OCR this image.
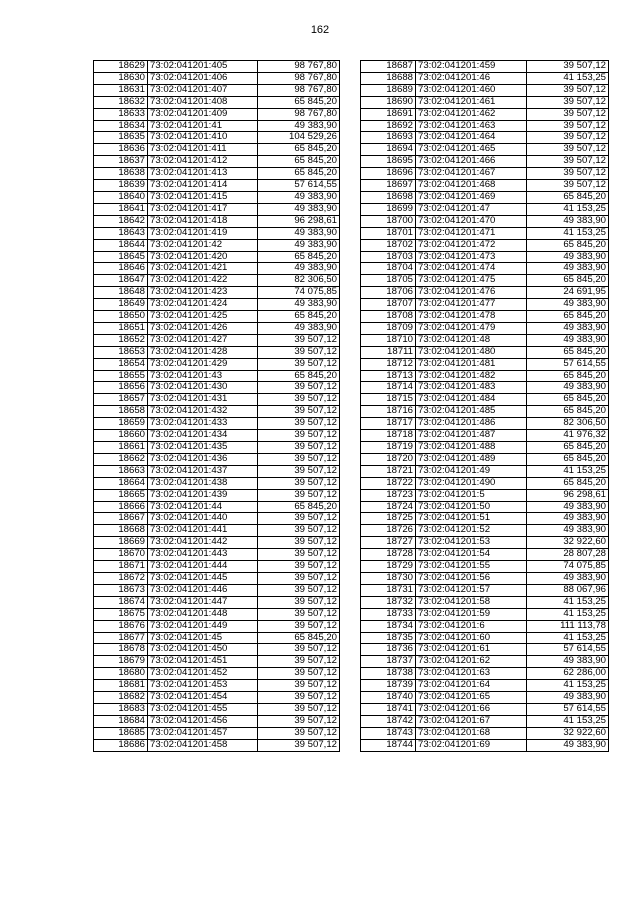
162
18629	73:02:041201:405	98 767,80
18630	73:02:041201:406	98 767,80
18631	73:02:041201:407	98 767,80
18632	73:02:041201:408	65 845,20
18633	73:02:041201:409	98 767,80
18634	73:02:041201:41	49 383,90
18635	73:02:041201:410	104 529,26
18636	73:02:041201:411	65 845,20
18637	73:02:041201:412	65 845,20
18638	73:02:041201:413	65 845,20
18639	73:02:041201:414	57 614,55
18640	73:02:041201:415	49 383,90
18641	73:02:041201:417	49 383,90
18642	73:02:041201:418	96 298,61
18643	73:02:041201:419	49 383,90
18644	73:02:041201:42	49 383,90
18645	73:02:041201:420	65 845,20
18646	73:02:041201:421	49 383,90
18647	73:02:041201:422	82 306,50
18648	73:02:041201:423	74 075,85
18649	73:02:041201:424	49 383,90
18650	73:02:041201:425	65 845,20
18651	73:02:041201:426	49 383,90
18652	73:02:041201:427	39 507,12
18653	73:02:041201:428	39 507,12
18654	73:02:041201:429	39 507,12
18655	73:02:041201:43	65 845,20
18656	73:02:041201:430	39 507,12
18657	73:02:041201:431	39 507,12
18658	73:02:041201:432	39 507,12
18659	73:02:041201:433	39 507,12
18660	73:02:041201:434	39 507,12
18661	73:02:041201:435	39 507,12
18662	73:02:041201:436	39 507,12
18663	73:02:041201:437	39 507,12
18664	73:02:041201:438	39 507,12
18665	73:02:041201:439	39 507,12
18666	73:02:041201:44	65 845,20
18667	73:02:041201:440	39 507,12
18668	73:02:041201:441	39 507,12
18669	73:02:041201:442	39 507,12
18670	73:02:041201:443	39 507,12
18671	73:02:041201:444	39 507,12
18672	73:02:041201:445	39 507,12
18673	73:02:041201:446	39 507,12
18674	73:02:041201:447	39 507,12
18675	73:02:041201:448	39 507,12
18676	73:02:041201:449	39 507,12
18677	73:02:041201:45	65 845,20
18678	73:02:041201:450	39 507,12
18679	73:02:041201:451	39 507,12
18680	73:02:041201:452	39 507,12
18681	73:02:041201:453	39 507,12
18682	73:02:041201:454	39 507,12
18683	73:02:041201:455	39 507,12
18684	73:02:041201:456	39 507,12
18685	73:02:041201:457	39 507,12
18686	73:02:041201:458	39 507,12
18687	73:02:041201:459	39 507,12
18688	73:02:041201:46	41 153,25
18689	73:02:041201:460	39 507,12
18690	73:02:041201:461	39 507,12
18691	73:02:041201:462	39 507,12
18692	73:02:041201:463	39 507,12
18693	73:02:041201:464	39 507,12
18694	73:02:041201:465	39 507,12
18695	73:02:041201:466	39 507,12
18696	73:02:041201:467	39 507,12
18697	73:02:041201:468	39 507,12
18698	73:02:041201:469	65 845,20
18699	73:02:041201:47	41 153,25
18700	73:02:041201:470	49 383,90
18701	73:02:041201:471	41 153,25
18702	73:02:041201:472	65 845,20
18703	73:02:041201:473	49 383,90
18704	73:02:041201:474	49 383,90
18705	73:02:041201:475	65 845,20
18706	73:02:041201:476	24 691,95
18707	73:02:041201:477	49 383,90
18708	73:02:041201:478	65 845,20
18709	73:02:041201:479	49 383,90
18710	73:02:041201:48	49 383,90
18711	73:02:041201:480	65 845,20
18712	73:02:041201:481	57 614,55
18713	73:02:041201:482	65 845,20
18714	73:02:041201:483	49 383,90
18715	73:02:041201:484	65 845,20
18716	73:02:041201:485	65 845,20
18717	73:02:041201:486	82 306,50
18718	73:02:041201:487	41 976,32
18719	73:02:041201:488	65 845,20
18720	73:02:041201:489	65 845,20
18721	73:02:041201:49	41 153,25
18722	73:02:041201:490	65 845,20
18723	73:02:041201:5	96 298,61
18724	73:02:041201:50	49 383,90
18725	73:02:041201:51	49 383,90
18726	73:02:041201:52	49 383,90
18727	73:02:041201:53	32 922,60
18728	73:02:041201:54	28 807,28
18729	73:02:041201:55	74 075,85
18730	73:02:041201:56	49 383,90
18731	73:02:041201:57	88 067,96
18732	73:02:041201:58	41 153,25
18733	73:02:041201:59	41 153,25
18734	73:02:041201:6	111 113,78
18735	73:02:041201:60	41 153,25
18736	73:02:041201:61	57 614,55
18737	73:02:041201:62	49 383,90
18738	73:02:041201:63	62 286,00
18739	73:02:041201:64	41 153,25
18740	73:02:041201:65	49 383,90
18741	73:02:041201:66	57 614,55
18742	73:02:041201:67	41 153,25
18743	73:02:041201:68	32 922,60
18744	73:02:041201:69	49 383,90
